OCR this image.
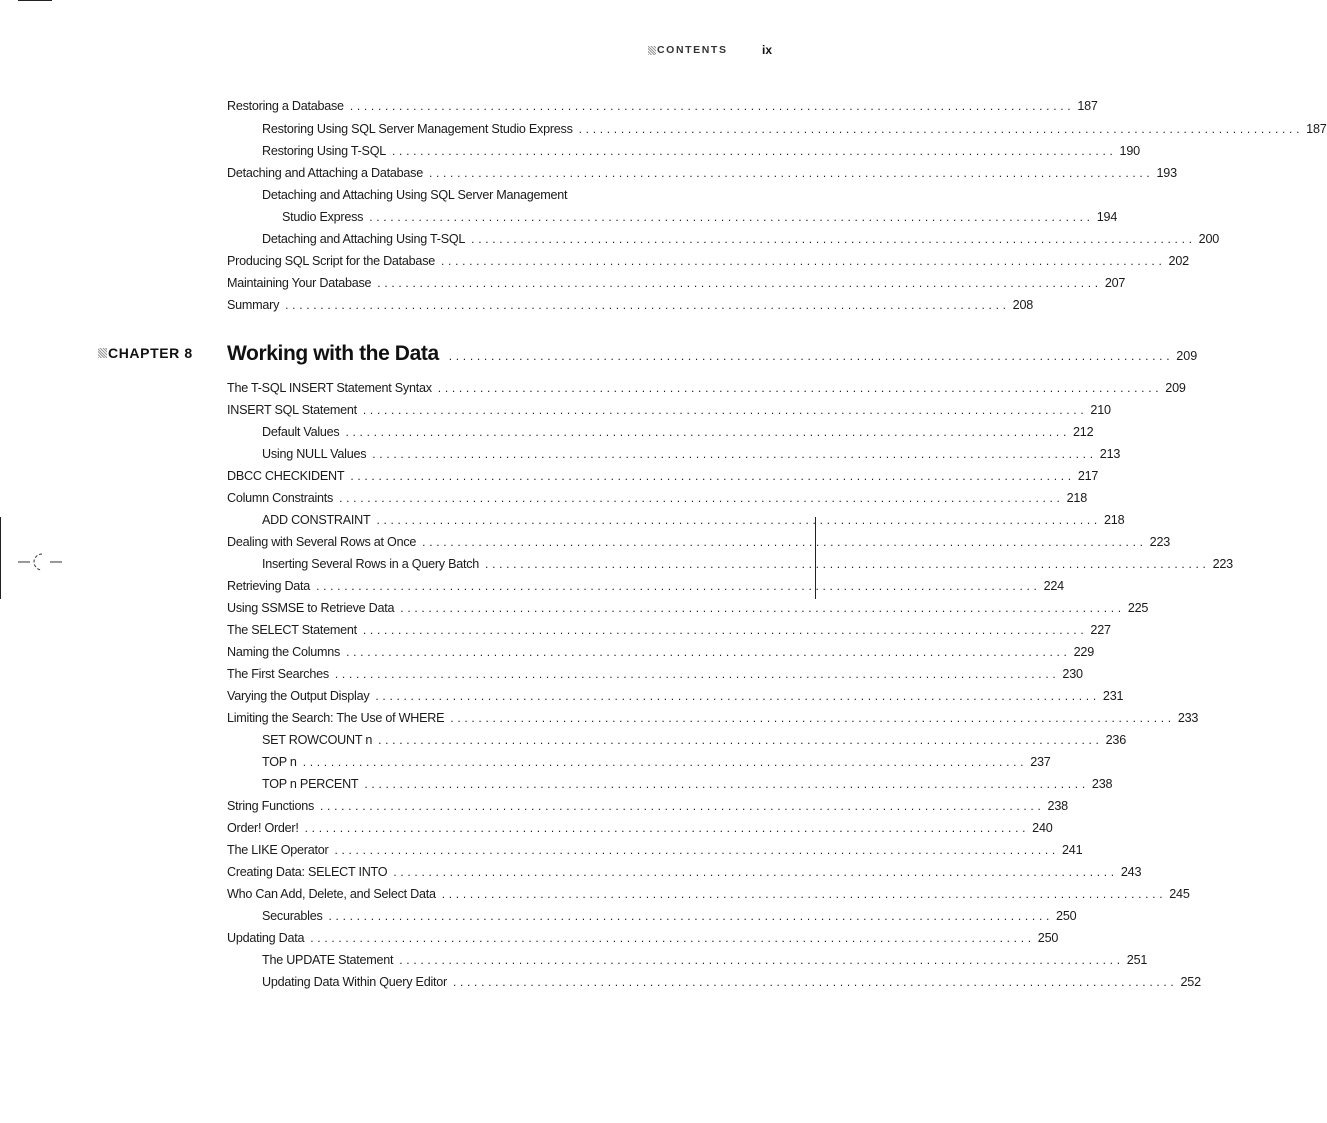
CONTENTS	ix
Restoring a Database ....................................................................................................... 187
Restoring Using SQL Server Management Studio Express ....................................................................................................... 187
Restoring Using T-SQL ....................................................................................................... 190
Detaching and Attaching a Database ....................................................................................................... 193
Detaching and Attaching Using SQL Server Management
Studio Express ....................................................................................................... 194
Detaching and Attaching Using T-SQL ....................................................................................................... 200
Producing SQL Script for the Database ....................................................................................................... 202
Maintaining Your Database ....................................................................................................... 207
Summary ....................................................................................................... 208
CHAPTER 8 Working with the Data ....................................................................................................... 209
The T-SQL INSERT Statement Syntax ....................................................................................................... 209
INSERT SQL Statement ....................................................................................................... 210
Default Values ....................................................................................................... 212
Using NULL Values ....................................................................................................... 213
DBCC CHECKIDENT ....................................................................................................... 217
Column Constraints ....................................................................................................... 218
ADD CONSTRAINT ....................................................................................................... 218
Dealing with Several Rows at Once ....................................................................................................... 223
Inserting Several Rows in a Query Batch ....................................................................................................... 223
Retrieving Data ....................................................................................................... 224
Using SSMSE to Retrieve Data ....................................................................................................... 225
The SELECT Statement ....................................................................................................... 227
Naming the Columns ....................................................................................................... 229
The First Searches ....................................................................................................... 230
Varying the Output Display ....................................................................................................... 231
Limiting the Search: The Use of WHERE ....................................................................................................... 233
SET ROWCOUNT n ....................................................................................................... 236
TOP n ....................................................................................................... 237
TOP n PERCENT ....................................................................................................... 238
String Functions ....................................................................................................... 238
Order! Order! ....................................................................................................... 240
The LIKE Operator ....................................................................................................... 241
Creating Data: SELECT INTO ....................................................................................................... 243
Who Can Add, Delete, and Select Data ....................................................................................................... 245
Securables ....................................................................................................... 250
Updating Data ....................................................................................................... 250
The UPDATE Statement ....................................................................................................... 251
Updating Data Within Query Editor ....................................................................................................... 252
